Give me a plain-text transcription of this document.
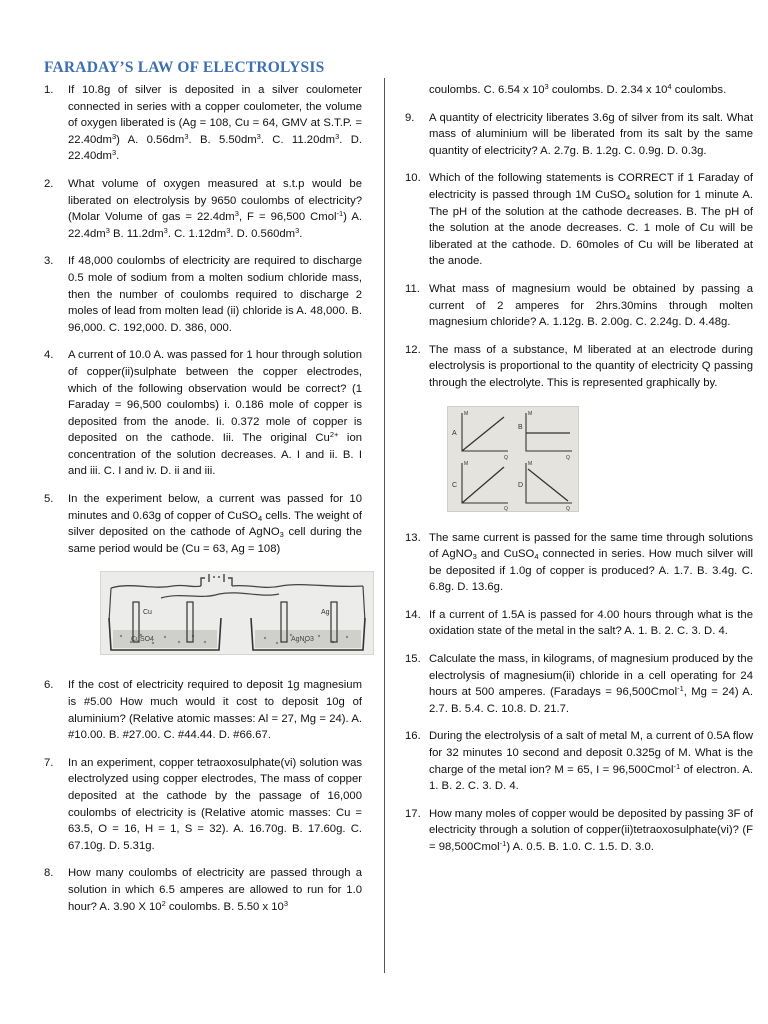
FARADAY’S LAW OF ELECTROLYSIS
1.	If 10.8g of silver is deposited in a silver coulometer connected in series with a copper coulometer, the volume of oxygen liberated is (Ag = 108, Cu = 64, GMV at S.T.P. = $22.40dm^3$) A. $0.56dm^3$. B. $5.50dm^3$. C. $11.20dm^3$. D. $22.40dm^3$.
2.	What volume of oxygen measured at s.t.p would be liberated on electrolysis by 9650 coulombs of electricity? (Molar Volume of gas = $22.4dm^3$, F = 96,500 Cmol$^{-1}$) A. $22.4dm^3$ B. $11.2dm^3$. C. $1.12dm^3$. D. $0.560dm^3$.
3.	If 48,000 coulombs of electricity are required to discharge 0.5 mole of sodium from a molten sodium chloride mass, then the number of coulombs required to discharge 2 moles of lead from molten lead (ii) chloride is A. 48,000. B. 96,000. C. 192,000. D. 386, 000.
4.	A current of 10.0 A. was passed for 1 hour through solution of copper(ii)sulphate between the copper electrodes, which of the following observation would be correct? (1 Faraday = 96,500 coulombs) i. 0.186 mole of copper is deposited from the anode. Ii. 0.372 mole of copper is deposited on the cathode. Iii. The original $Cu^{2+}$ ion concentration of the solution decreases. A. I and ii. B. I and iii. C. I and iv. D. ii and iii.
5.	In the experiment below, a current was passed for 10 minutes and 0.63g of copper of CuSO$_4$ cells. The weight of silver deposited on the cathode of AgNO$_3$ cell during the same period would be (Cu = 63, Ag = 108)
Cu	Ag
CuSO4	AgNO3
6.	If the cost of electricity required to deposit 1g magnesium is #5.00 How much would it cost to deposit 10g of aluminium? (Relative atomic masses: Al = 27, Mg = 24). A. #10.00. B. #27.00. C. #44.44. D. #66.67.
7.	In an experiment, copper tetraoxosulphate(vi) solution was electrolyzed using copper electrodes, The mass of copper deposited at the cathode by the passage of 16,000 coulombs of electricity is (Relative atomic masses: Cu = 63.5, O = 16, H = 1, S = 32). A. 16.70g. B. 17.60g. C. 67.10g. D. 5.31g.
8.	How many coulombs of electricity are passed through a solution in which 6.5 amperes are allowed to run for 1.0 hour? A. 3.90 X $10^2$ coulombs. B. 5.50 x $10^3$
coulombs. C. 6.54 x $10^3$ coulombs. D. 2.34 x $10^4$ coulombs.
9.	A quantity of electricity liberates 3.6g of silver from its salt. What mass of aluminium will be liberated from its salt by the same quantity of electricity? A. 2.7g. B. 1.2g. C. 0.9g. D. 0.3g.
10. Which of the following statements is CORRECT if 1 Faraday of electricity is passed through 1M CuSO$_4$ solution for 1 minute A. The pH of the solution at the cathode decreases. B. The pH of the solution at the anode decreases. C. 1 mole of Cu will be liberated at the cathode. D. 60moles of Cu will be liberated at the anode.
11. What mass of magnesium would be obtained by passing a current of 2 amperes for 2hrs.30mins through molten magnesium chloride? A. 1.12g. B. 2.00g. C. 2.24g. D. 4.48g.
12. The mass of a substance, M liberated at an electrode during electrolysis is proportional to the quantity of electricity Q passing through the electrolyte. This is represented graphically by.
A
M
Q
B
M
Q
C
M
Q
D
M
Q
13. The same current is passed for the same time through solutions of AgNO$_3$ and CuSO$_4$ connected in series. How much silver will be deposited if 1.0g of copper is produced? A. 1.7. B. 3.4g. C. 6.8g. D. 13.6g.
14. If a current of 1.5A is passed for 4.00 hours through what is the oxidation state of the metal in the salt? A. 1. B. 2. C. 3. D. 4.
15. Calculate the mass, in kilograms, of magnesium produced by the electrolysis of magnesium(ii) chloride in a cell operating for 24 hours at 500 amperes. (Faradays = 96,500Cmol$^{-1}$, Mg = 24) A. 2.7. B. 5.4. C. 10.8. D. 21.7.
16. During the electrolysis of a salt of metal M, a current of 0.5A flow for 32 minutes 10 second and deposit 0.325g of M. What is the charge of the metal ion? M = 65, I = 96,500Cmol$^{-1}$ of electron. A. 1. B. 2. C. 3. D. 4.
17. How many moles of copper would be deposited by passing 3F of electricity through a solution of copper(ii)tetraoxosulphate(vi)? (F = 98,500Cmol$^{-1}$) A. 0.5. B. 1.0. C. 1.5. D. 3.0.
